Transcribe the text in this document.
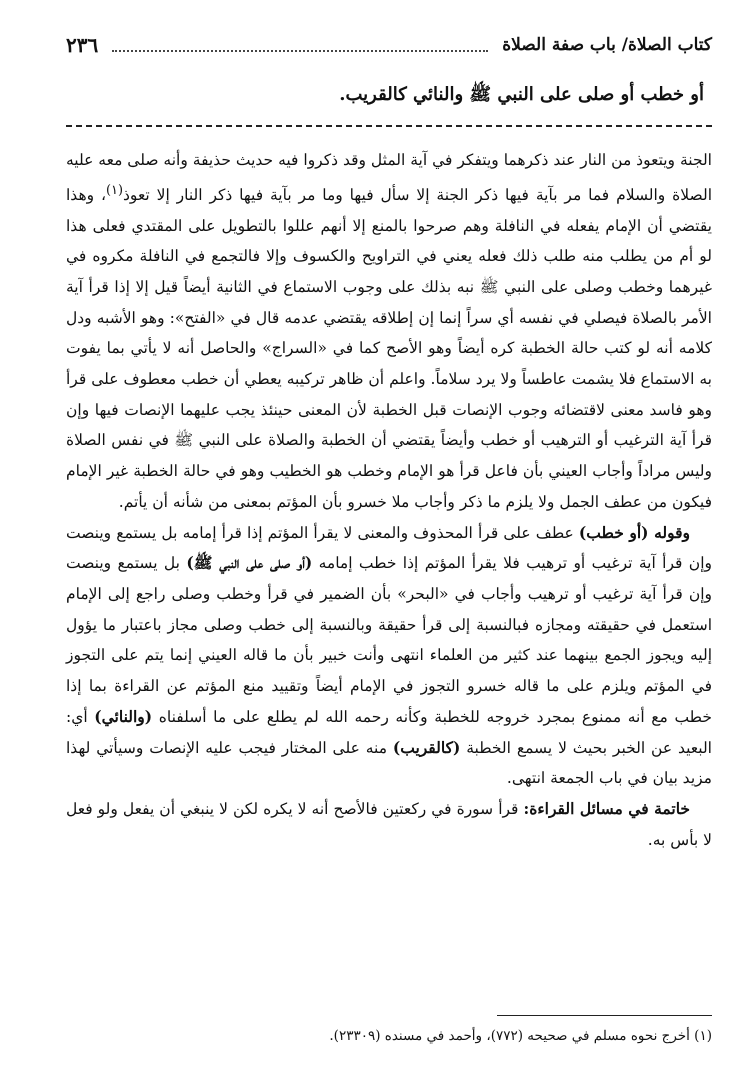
كتاب الصلاة/ باب صفة الصلاة
٢٣٦
أو خطب أو صلى على النبي ﷺ والنائي كالقريب.

الجنة ويتعوذ من النار عند ذكرهما ويتفكر في آية المثل وقد ذكروا فيه حديث حذيفة وأنه صلى معه عليه الصلاة والسلام فما مر بآية فيها ذكر الجنة إلا سأل فيها وما مر بآية فيها ذكر النار إلا تعوذ$^{(١)}$، وهذا يقتضي أن الإمام يفعله في النافلة وهم صرحوا بالمنع إلا أنهم عللوا بالتطويل على المقتدي فعلى هذا لو أم من يطلب منه طلب ذلك فعله يعني في التراويح والكسوف وإلا فالتجمع في النافلة مكروه في غيرهما وخطب وصلى على النبي ﷺ نبه بذلك على وجوب الاستماع في الثانية أيضاً قيل إلا إذا قرأ آية الأمر بالصلاة فيصلي في نفسه أي سراً إنما إن إطلاقه يقتضي عدمه قال في «الفتح»: وهو الأشبه ودل كلامه أنه لو كتب حالة الخطبة كره أيضاً وهو الأصح كما في «السراج» والحاصل أنه لا يأتي بما يفوت به الاستماع فلا يشمت عاطساً ولا يرد سلاماً. واعلم أن ظاهر تركيبه يعطي أن خطب معطوف على قرأ وهو فاسد معنى لاقتضائه وجوب الإنصات قبل الخطبة لأن المعنى حينئذ يجب عليهما الإنصات فيها وإن قرأ آية الترغيب أو الترهيب أو خطب وأيضاً يقتضي أن الخطبة والصلاة على النبي ﷺ في نفس الصلاة وليس مراداً وأجاب العيني بأن فاعل قرأ هو الإمام وخطب هو الخطيب وهو في حالة الخطبة غير الإمام فيكون من عطف الجمل ولا يلزم ما ذكر وأجاب ملا خسرو بأن المؤتم بمعنى من شأنه أن يأتم.

وقوله (أو خطب) عطف على قرأ المحذوف والمعنى لا يقرأ المؤتم إذا قرأ إمامه بل يستمع وينصت وإن قرأ آية ترغيب أو ترهيب فلا يقرأ المؤتم إذا خطب إمامه (أو صلى على النبي ﷺ) بل يستمع وينصت وإن قرأ آية ترغيب أو ترهيب وأجاب في «البحر» بأن الضمير في قرأ وخطب وصلى راجع إلى الإمام استعمل في حقيقته ومجازه فبالنسبة إلى قرأ حقيقة وبالنسبة إلى خطب وصلى مجاز باعتبار ما يؤول إليه ويجوز الجمع بينهما عند كثير من العلماء انتهى وأنت خبير بأن ما قاله العيني إنما يتم على التجوز في المؤتم ويلزم على ما قاله خسرو التجوز في الإمام أيضاً وتقييد منع المؤتم عن القراءة بما إذا خطب مع أنه ممنوع بمجرد خروجه للخطبة وكأنه رحمه الله لم يطلع على ما أسلفناه (والنائي) أي: البعيد عن الخبر بحيث لا يسمع الخطبة (كالقريب) منه على المختار فيجب عليه الإنصات وسيأتي لهذا مزيد بيان في باب الجمعة انتهى.

خاتمة في مسائل القراءة: قرأ سورة في ركعتين فالأصح أنه لا يكره لكن لا ينبغي أن يفعل ولو فعل لا بأس به.

(١) أخرج نحوه مسلم في صحيحه (٧٧٢)، وأحمد في مسنده (٢٣٣٠٩).
